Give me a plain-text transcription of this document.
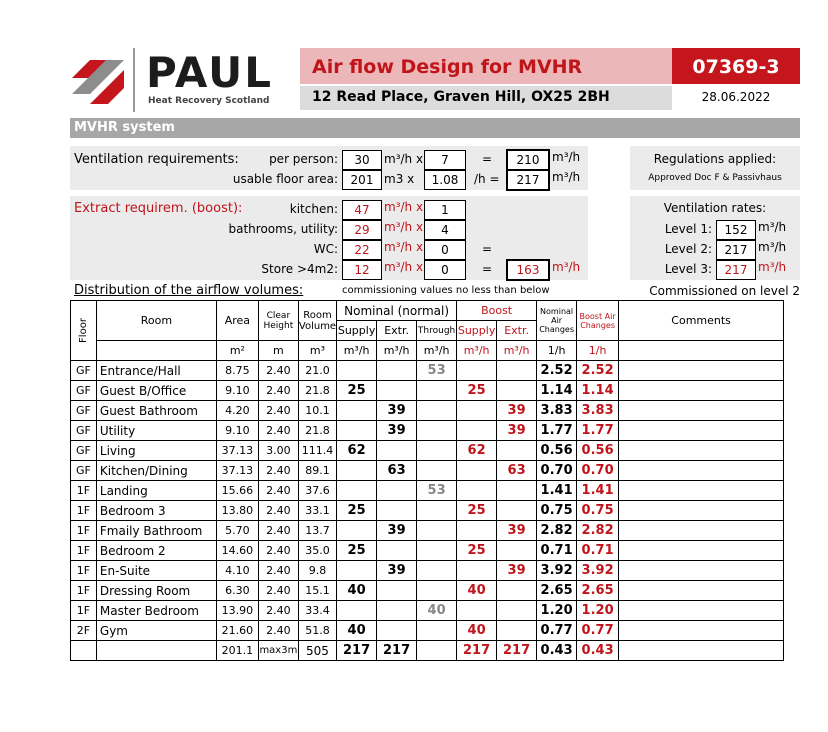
PAUL
Heat Recovery Scotland
Air flow Design for MVHR	07369-3
12 Read Place, Graven Hill, OX25 2BH	28.06.2022
MVHR system
Ventilation requirements:	per person:	30	m³/h x	7	=	210	m³/h
usable floor area:	201 m3 x	1.08	/h =	217	m³/h
Extract requirem. (boost):	kitchen:	47	m³/h x	1
bathrooms, utility:	29	m³/h x	4
WC:	22	m³/h x	0	=
Store >4m2:	12	m³/h x	0	=	163	m³/h
Regulations applied:
Approved Doc F & Passivhaus
Ventilation rates:
Level 1:	152 m³/h
Level 2:	217 m³/h
Level 3:	217 m³/h
Distribution of the airflow volumes:	commissioning values no less than below	Commissioned on level 2
Floor	Room	Area	Clear Height	Room Volume	Nominal (normal)			Boost		Nominal Air Changes	Boost Air Changes	Comments
					Supply	Extr.	Through	Supply	Extr.			
		m²	m	m³	m³/h	m³/h	m³/h	m³/h	m³/h	1/h	1/h	
GF	Entrance/Hall	8.75	2.40	21.0			53			2.52	2.52	
GF	Guest B/Office	9.10	2.40	21.8	25			25		1.14	1.14	
GF	Guest Bathroom	4.20	2.40	10.1		39			39	3.83	3.83	
GF	Utility	9.10	2.40	21.8		39			39	1.77	1.77	
GF	Living	37.13	3.00	111.4	62			62		0.56	0.56	
GF	Kitchen/Dining	37.13	2.40	89.1		63			63	0.70	0.70	
1F	Landing	15.66	2.40	37.6			53			1.41	1.41	
1F	Bedroom 3	13.80	2.40	33.1	25			25		0.75	0.75	
1F	Fmaily Bathroom	5.70	2.40	13.7		39			39	2.82	2.82	
1F	Bedroom 2	14.60	2.40	35.0	25			25		0.71	0.71	
1F	En-Suite	4.10	2.40	9.8		39			39	3.92	3.92	
1F	Dressing Room	6.30	2.40	15.1	40			40		2.65	2.65	
1F	Master Bedroom	13.90	2.40	33.4			40			1.20	1.20	
2F	Gym	21.60	2.40	51.8	40			40		0.77	0.77	
		201.1	max3m	505	217	217		217	217	0.43	0.43	
